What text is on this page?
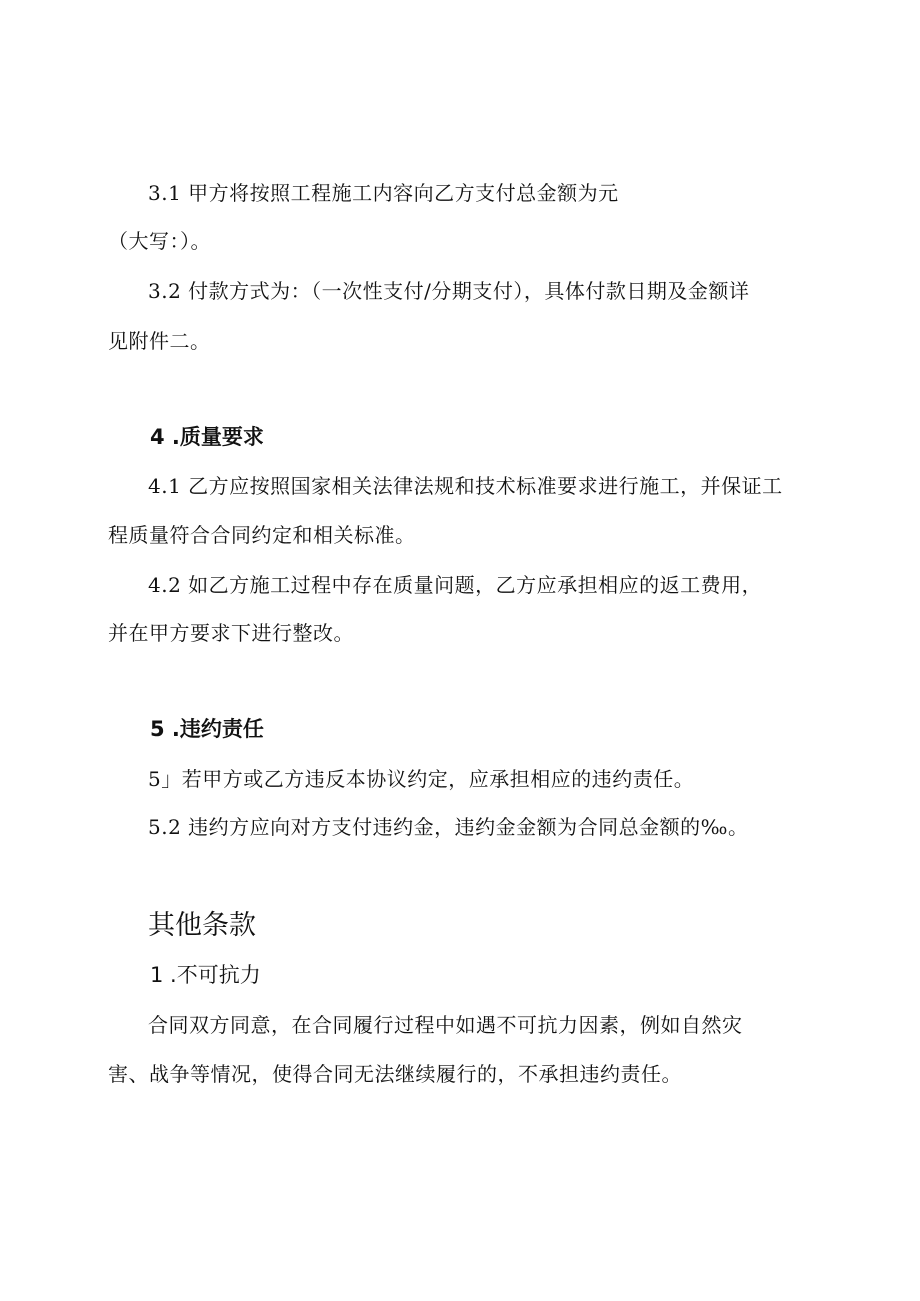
3.1 甲方将按照工程施工内容向乙方支付总金额为元
（大写：）。
3.2 付款方式为：（一次性支付/分期支付），具体付款日期及金额详
见附件二。
4 .质量要求
4.1 乙方应按照国家相关法律法规和技术标准要求进行施工，并保证工
程质量符合合同约定和相关标准。
4.2 如乙方施工过程中存在质量问题，乙方应承担相应的返工费用，
并在甲方要求下进行整改。
5 .违约责任
5」若甲方或乙方违反本协议约定，应承担相应的违约责任。
5.2 违约方应向对方支付违约金，违约金金额为合同总金额的‰。
其他条款
1 .不可抗力
合同双方同意，在合同履行过程中如遇不可抗力因素，例如自然灾
害、战争等情况，使得合同无法继续履行的，不承担违约责任。
